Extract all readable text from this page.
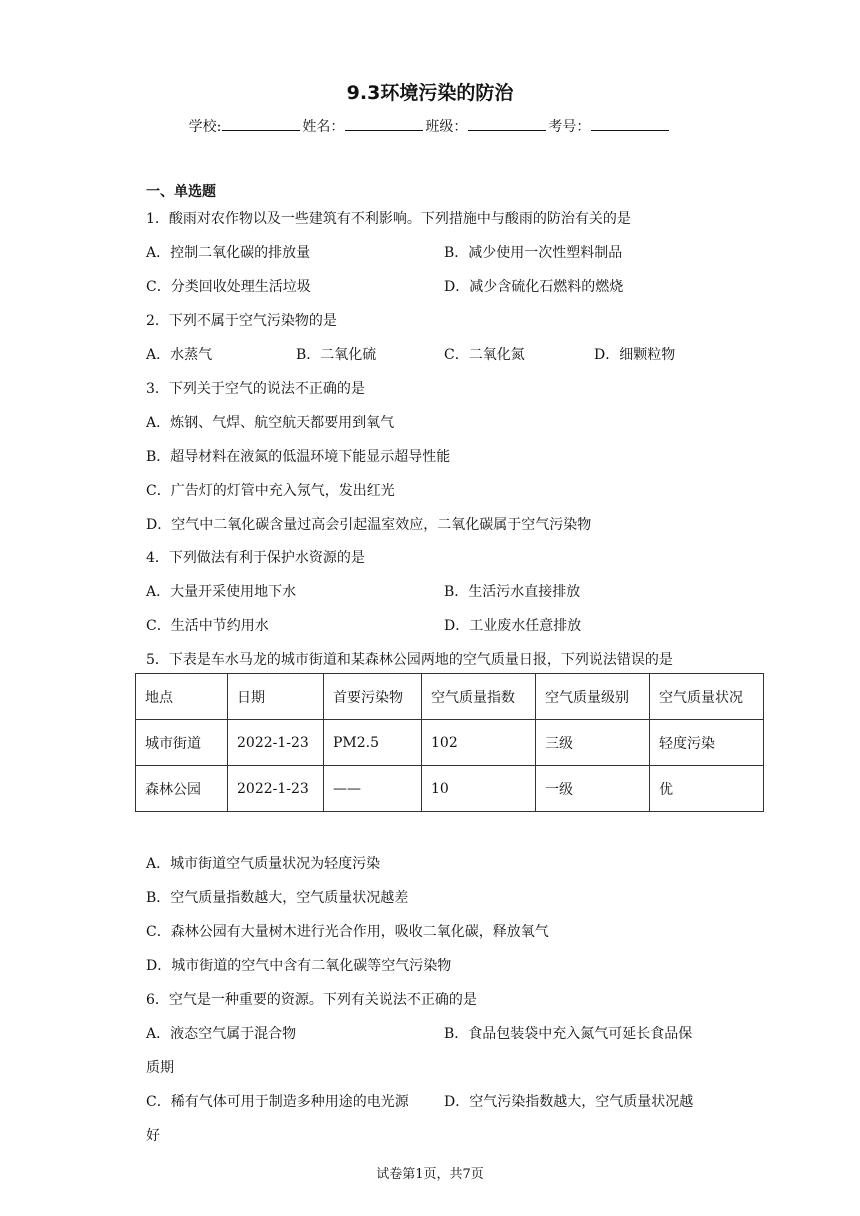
9.3环境污染的防治
学校:	姓名：	班级：	考号：
一、单选题
1．酸雨对农作物以及一些建筑有不利影响。下列措施中与酸雨的防治有关的是
A．控制二氧化碳的排放量	B．减少使用一次性塑料制品
C．分类回收处理生活垃圾	D．减少含硫化石燃料的燃烧
2．下列不属于空气污染物的是
A．水蒸气	B．二氧化硫	C．二氧化氮	D．细颗粒物
3．下列关于空气的说法不正确的是
A．炼钢、气焊、航空航天都要用到氧气
B．超导材料在液氮的低温环境下能显示超导性能
C．广告灯的灯管中充入氖气，发出红光
D．空气中二氧化碳含量过高会引起温室效应，二氧化碳属于空气污染物
4．下列做法有利于保护水资源的是
A．大量开采使用地下水	B．生活污水直接排放
C．生活中节约用水	D．工业废水任意排放
5．下表是车水马龙的城市街道和某森林公园两地的空气质量日报，下列说法错误的是
地点	日期	首要污染物	空气质量指数	空气质量级别	空气质量状况
城市街道	2022-1-23	PM2.5	102	三级	轻度污染
森林公园	2022-1-23	——	10	一级	优
A．城市街道空气质量状况为轻度污染
B．空气质量指数越大，空气质量状况越差
C．森林公园有大量树木进行光合作用，吸收二氧化碳，释放氧气
D．城市街道的空气中含有二氧化碳等空气污染物
6．空气是一种重要的资源。下列有关说法不正确的是
A．液态空气属于混合物	B．食品包装袋中充入氮气可延长食品保
质期
C．稀有气体可用于制造多种用途的电光源	D．空气污染指数越大，空气质量状况越
好
试卷第1页，共7页
